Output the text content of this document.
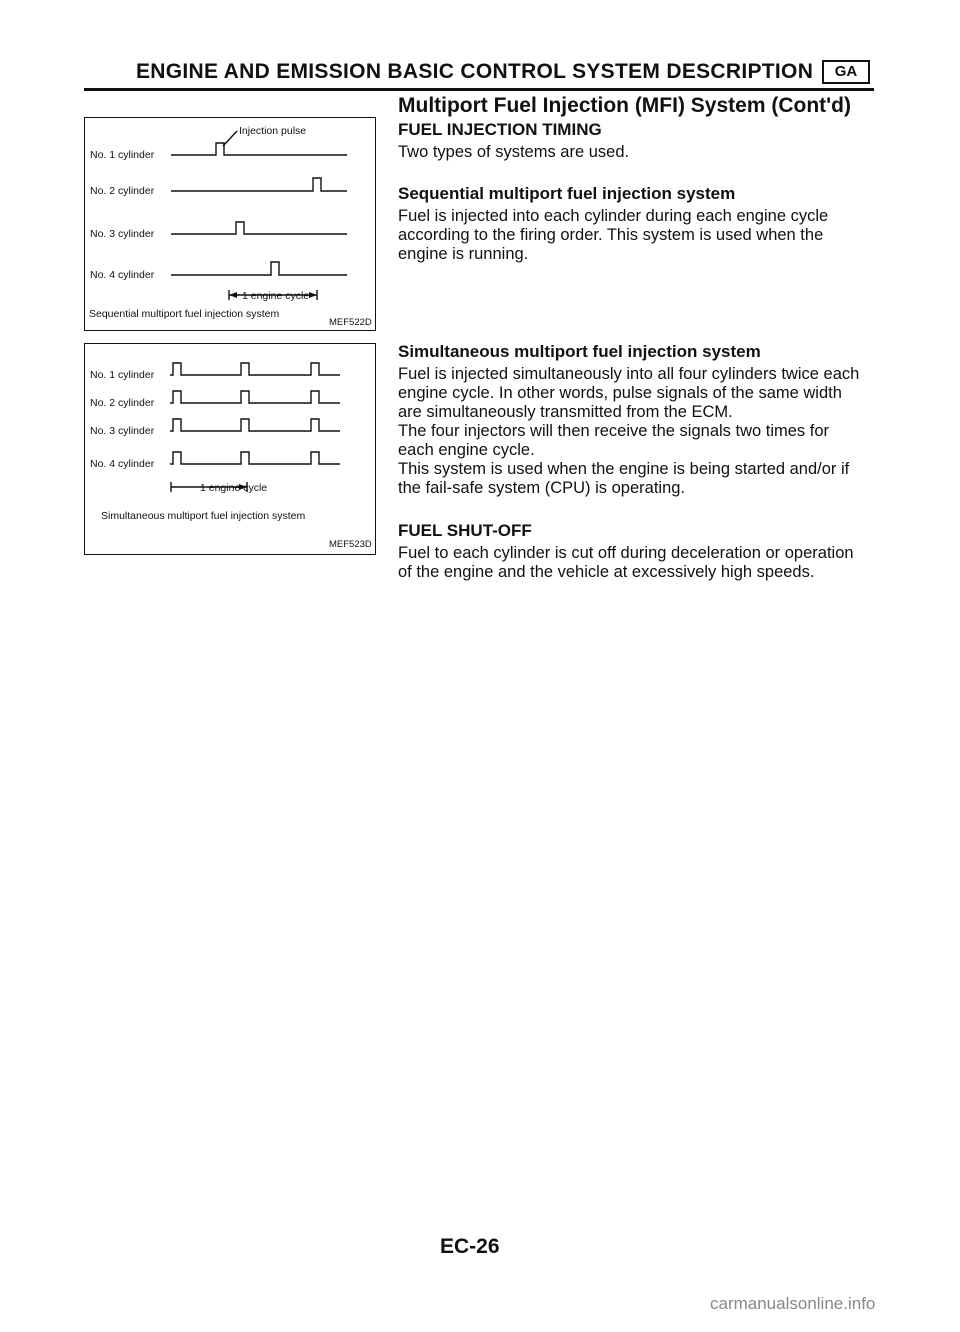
ENGINE AND EMISSION BASIC CONTROL SYSTEM DESCRIPTION	GA
Multiport Fuel Injection (MFI) System (Cont'd)
Injection pulse
No. 1 cylinder
No. 2 cylinder
No. 3 cylinder
No. 4 cylinder
1 engine cycle
Sequential multiport fuel injection system
MEF522D
No. 1 cylinder
No. 2 cylinder
No. 3 cylinder
No. 4 cylinder
1 engine cycle
Simultaneous multiport fuel injection system
MEF523D
FUEL INJECTION TIMING
Two types of systems are used.
Sequential multiport fuel injection system
Fuel is injected into each cylinder during each engine cycle
according to the firing order. This system is used when the
engine is running.
Simultaneous multiport fuel injection system
Fuel is injected simultaneously into all four cylinders twice each
engine cycle. In other words, pulse signals of the same width
are simultaneously transmitted from the ECM.
The four injectors will then receive the signals two times for
each engine cycle.
This system is used when the engine is being started and/or if
the fail-safe system (CPU) is operating.
FUEL SHUT-OFF
Fuel to each cylinder is cut off during deceleration or operation
of the engine and the vehicle at excessively high speeds.
EC-26
carmanualsonline.info
